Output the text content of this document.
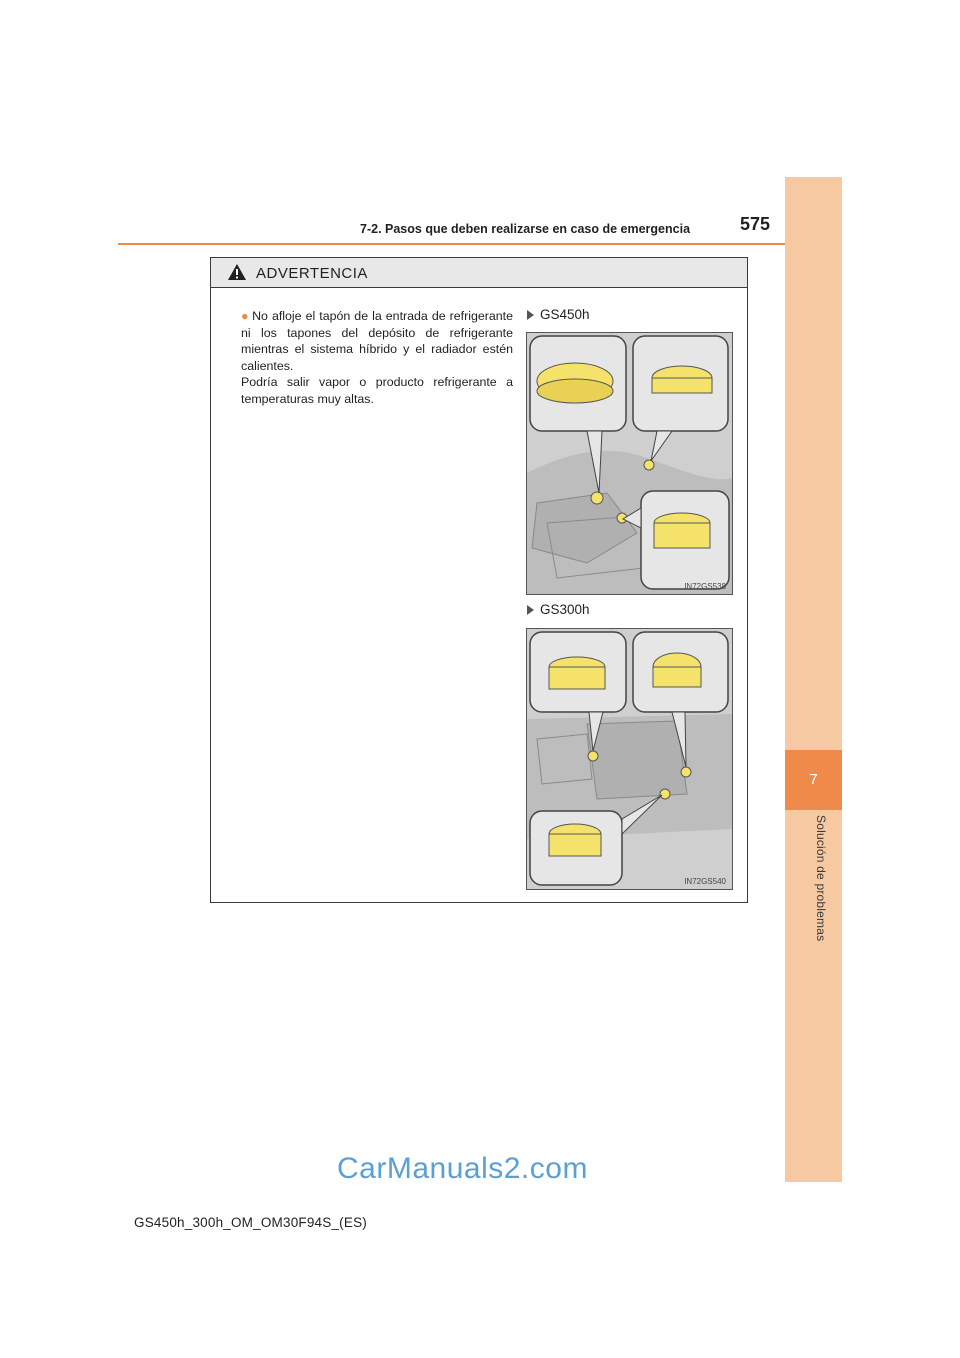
7
Solución de problemas
7-2. Pasos que deben realizarse en caso de emergencia	575
ADVERTENCIA

● No afloje el tapón de la entrada de refrigerante ni los tapones del depósito de refrigerante mientras el sistema híbrido y el radiador estén calientes.

Podría salir vapor o producto refrigerante a temperaturas muy altas.

GS450h
IN72GS538
GS300h
IN72GS540
CarManuals2.com
GS450h_300h_OM_OM30F94S_(ES)
